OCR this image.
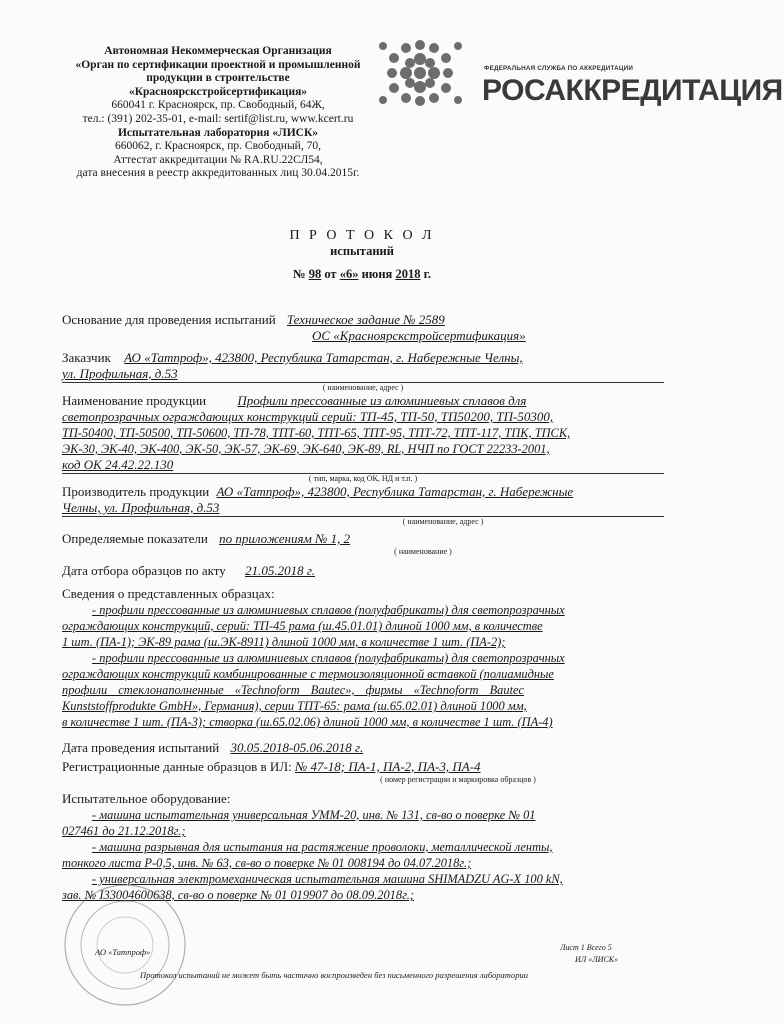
Автономная Некоммерческая Организация
«Орган по сертификации проектной и промышленной
продукции в строительстве
«Красноярскстройсертификация»
660041 г. Красноярск, пр. Свободный, 64Ж,
тел.: (391) 202-35-01, e-mail: sertif@list.ru, www.kcert.ru
Испытательная лаборатория «ЛИСК»
660062, г. Красноярск, пр. Свободный, 70,
Аттестат аккредитации № RA.RU.22СЛ54,
дата внесения в реестр аккредитованных лиц 30.04.2015г.
ФЕДЕРАЛЬНАЯ СЛУЖБА ПО АККРЕДИТАЦИИ
РОСАККРЕДИТАЦИЯ
П Р О Т О К О Л
испытаний
№ 98 от «6» июня 2018 г.
Основание для проведения испытаний Техническое задание № 2589
ОС «Красноярскстройсертификация»
Заказчик АО «Татпроф», 423800, Республика Татарстан, г. Набережные Челны,
ул. Профильная, д.53
( наименование, адрес )
Наименование продукции Профили прессованные из алюминиевых сплавов для
светопрозрачных ограждающих конструкций серий: ТП-45, ТП-50, ТП50200, ТП-50300,
ТП-50400, ТП-50500, ТП-50600, ТП-78, ТПТ-60, ТПТ-65, ТПТ-95, ТПТ-72, ТПТ-117, ТПК, ТПСК,
ЭК-30, ЭК-40, ЭК-400, ЭК-50, ЭК-57, ЭК-69, ЭК-640, ЭК-89, RL, НЧП по ГОСТ 22233-2001,
код ОК 24.42.22.130
( тип, марка, код ОК, НД и т.п. )
Производитель продукции АО «Татпроф», 423800, Республика Татарстан, г. Набережные
Челны, ул. Профильная, д.53
( наименование, адрес )
Определяемые показатели по приложениям № 1, 2
( наименование )
Дата отбора образцов по акту 21.05.2018 г.
Сведения о представленных образцах:
- профили прессованные из алюминиевых сплавов (полуфабрикаты) для светопрозрачных
ограждающих конструкций, серий: ТП-45 рама (ш.45.01.01) длиной 1000 мм, в количестве
1 шт. (ПА-1); ЭК-89 рама (ш.ЭК-8911) длиной 1000 мм, в количестве 1 шт. (ПА-2);
- профили прессованные из алюминиевых сплавов (полуфабрикаты) для светопрозрачных
ограждающих конструкций комбинированные с термоизоляционной вставкой (полиамидные
профили стеклонаполненные «Technoform Bautec», фирмы «Technoform Bautec
Kunststoffprodukte GmbH», Германия), серии ТПТ-65: рама (ш.65.02.01) длиной 1000 мм,
в количестве 1 шт. (ПА-3); створка (ш.65.02.06) длиной 1000 мм, в количестве 1 шт. (ПА-4)
Дата проведения испытаний 30.05.2018-05.06.2018 г.
Регистрационные данные образцов в ИЛ: № 47-18; ПА-1, ПА-2, ПА-3, ПА-4
( номер регистрации и маркировка образцов )
Испытательное оборудование:
- машина испытательная универсальная УММ-20, инв. № 131, св-во о поверке № 01
027461 до 21.12.2018г.;
- машина разрывная для испытания на растяжение проволоки, металлической ленты,
тонкого листа Р-0,5, инв. № 63, св-во о поверке № 01 008194 до 04.07.2018г.;
- универсальная электромеханическая испытательная машина SHIMADZU AG-X 100 kN,
зав. № I33004600638, св-во о поверке № 01 019907 до 08.09.2018г.;
АО «Татпроф»	Лист 1 Всего 5
ИЛ «ЛИСК»
Протокол испытаний не может быть частично воспроизведен без письменного разрешения лаборатории
